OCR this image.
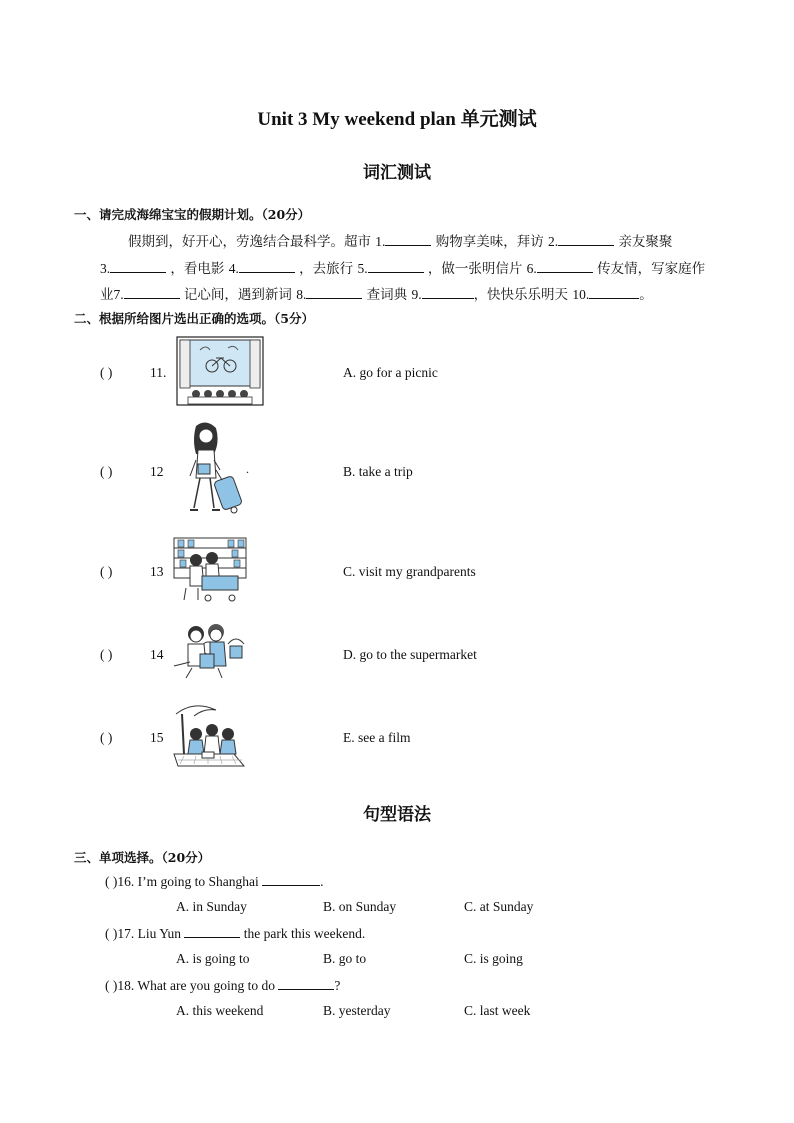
Unit 3 My weekend plan 单元测试
词汇测试
一、请完成海绵宝宝的假期计划。（20分）
假期到，好开心，劳逸结合最科学。超市 1.	购物享美味，拜访 2.	亲友聚聚
3.	，看电影 4.	，去旅行 5.	，做一张明信片 6.	传友情，写家庭作
业7.	记心间，遇到新词 8.	查词典 9.	，快快乐乐明天 10.	。
二、根据所给图片选出正确的选项。（5分）
( )	11.	A. go for a picnic
( )	12	.	B. take a trip
( )	13	C. visit my grandparents
( )	14	D. go to the supermarket
( )	15	E. see a film
句型语法
三、单项选择。（20分）
( )16. I’m going to Shanghai	.
A. in Sunday	B. on Sunday	C. at Sunday
( )17. Liu Yun	the park this weekend.
A. is going to	B. go to	C. is going
( )18. What are you going to do	?
A. this weekend	B. yesterday	C. last week
